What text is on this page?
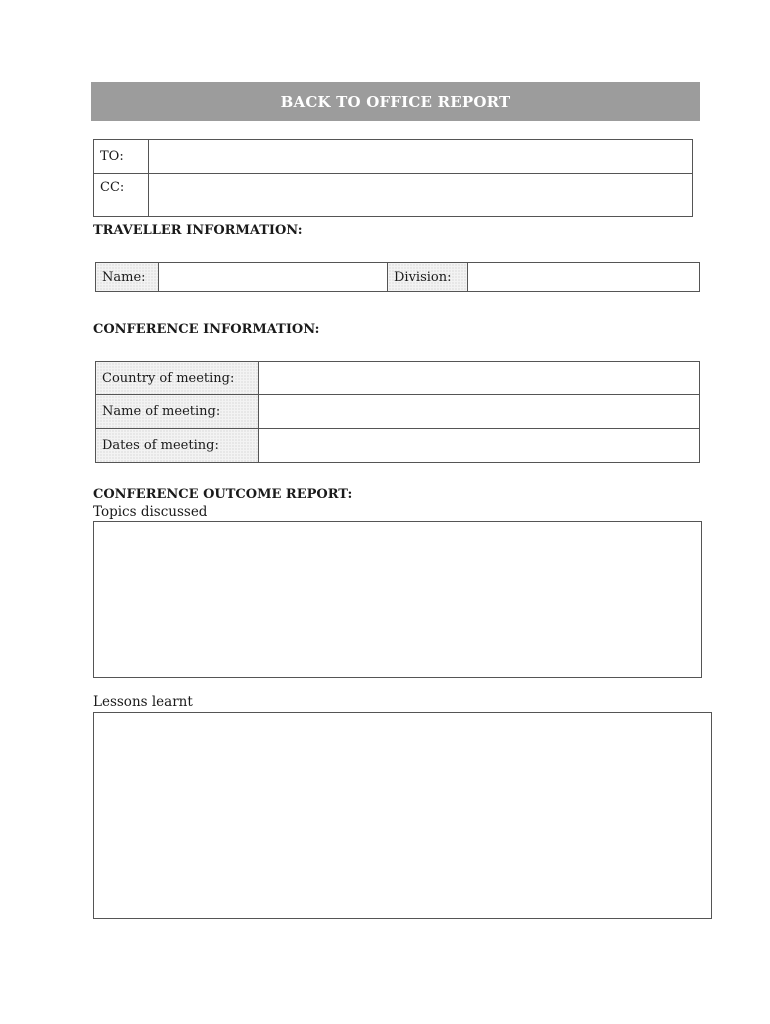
BACK TO OFFICE REPORT
TO:	
CC:	
TRAVELLER INFORMATION:
Name:		Division:	
CONFERENCE INFORMATION:
Country of meeting:	
Name of meeting:	
Dates of meeting:	
CONFERENCE OUTCOME REPORT:
Topics discussed
Lessons learnt
